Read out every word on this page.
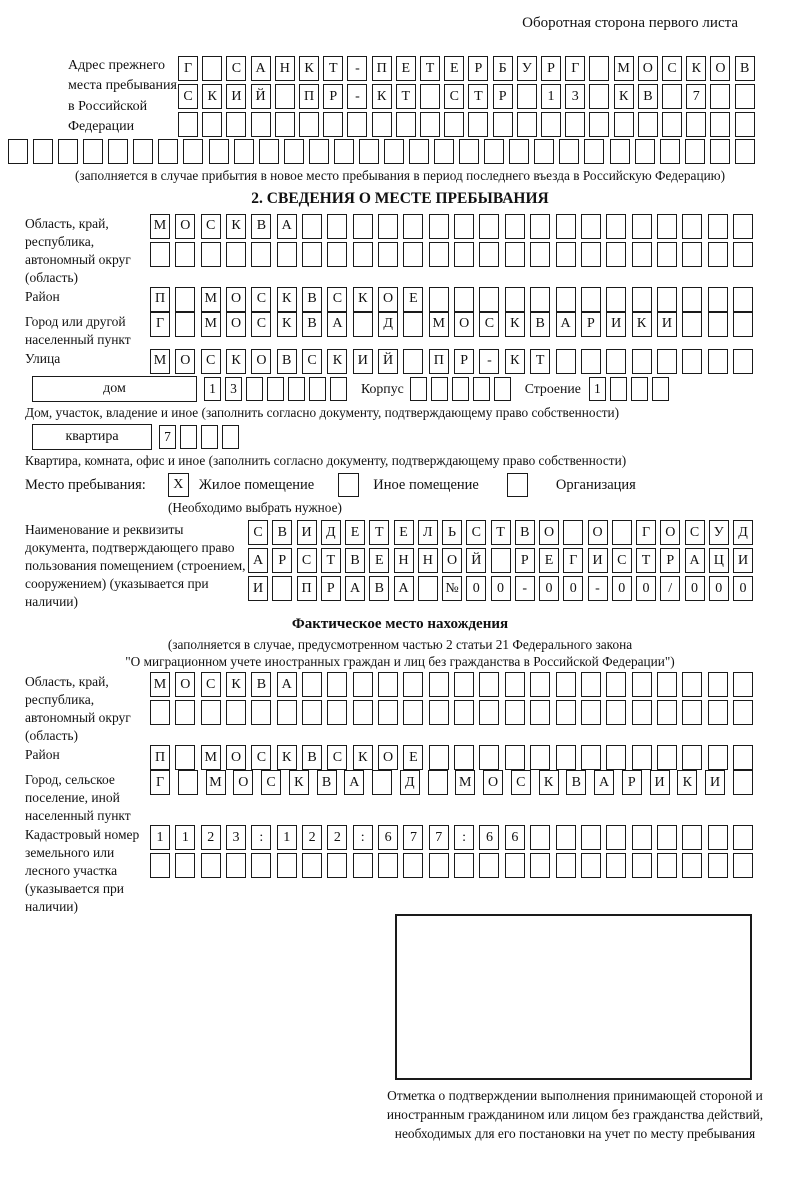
Оборотная сторона первого листа
Адрес прежнего места пребывания в Российской Федерации
Г	С	А	Н	К	Т	-	П	Е	Т	Е	Р	Б	У	Р	Г	М О	С	К	О	В
С	К	И	Й	П	Р	-	К	Т	С	Т	Р	1	3	К	В	7
(заполняется в случае прибытия в новое место пребывания в период последнего въезда в Российскую Федерацию)
2. СВЕДЕНИЯ О МЕСТЕ ПРЕБЫВАНИЯ
Область, край, республика, автономный округ (область)
М	О	С	К	В	А
Район	П	М	О	С	К	В	С	К	О	Е
Город или другой населенный пункт
Г	М	О	С	К	В	А	Д	М	О	С	К	В	А	Р	И	К	И
Улица	М	О	С	К	О	В	С	К	И	Й	П	Р	-	К	Т
дом	1	3	Корпус	Строение 1
Дом, участок, владение и иное (заполнить согласно документу, подтверждающему право собственности)
квартира	7
Квартира, комната, офис и иное (заполнить согласно документу, подтверждающему право собственности)
Место пребывания:	X	Жилое помещение	Иное помещение	Организация
(Необходимо выбрать нужное)
Наименование и реквизиты документа, подтверждающего право пользования помещением (строением, сооружением) (указывается при наличии)
С	В	И	Д	Е	Т	Е	Л	Ь	С	Т	В	О	О	Г	О	С	У	Д
А	Р	С	Т	В	Е	Н	Н	О	Й	Р	Е	Г	И	С	Т	Р	А	Ц	И
И	П	Р	А	В	А	№	0	0	-	0	0	-	0	0	/	0	0	0
Фактическое место нахождения
(заполняется в случае, предусмотренном частью 2 статьи 21 Федерального закона
"О миграционном учете иностранных граждан и лиц без гражданства в Российской Федерации")
Область, край, республика, автономный округ (область)
М	О	С	К	В	А
Район	П	М	О	С	К	В	С	К	О	Е
Город, сельское поселение, иной населенный пункт
Г	М	О	С	К	В	А	Д	М	О	С	К	В	А	Р	И	К	И
Кадастровый номер земельного или лесного участка (указывается при наличии)
1	1	2	3	:	1	2	2	:	6	7	7	:	6	6
Отметка о подтверждении выполнения принимающей стороной и иностранным гражданином или лицом без гражданства действий, необходимых для его постановки на учет по месту пребывания
